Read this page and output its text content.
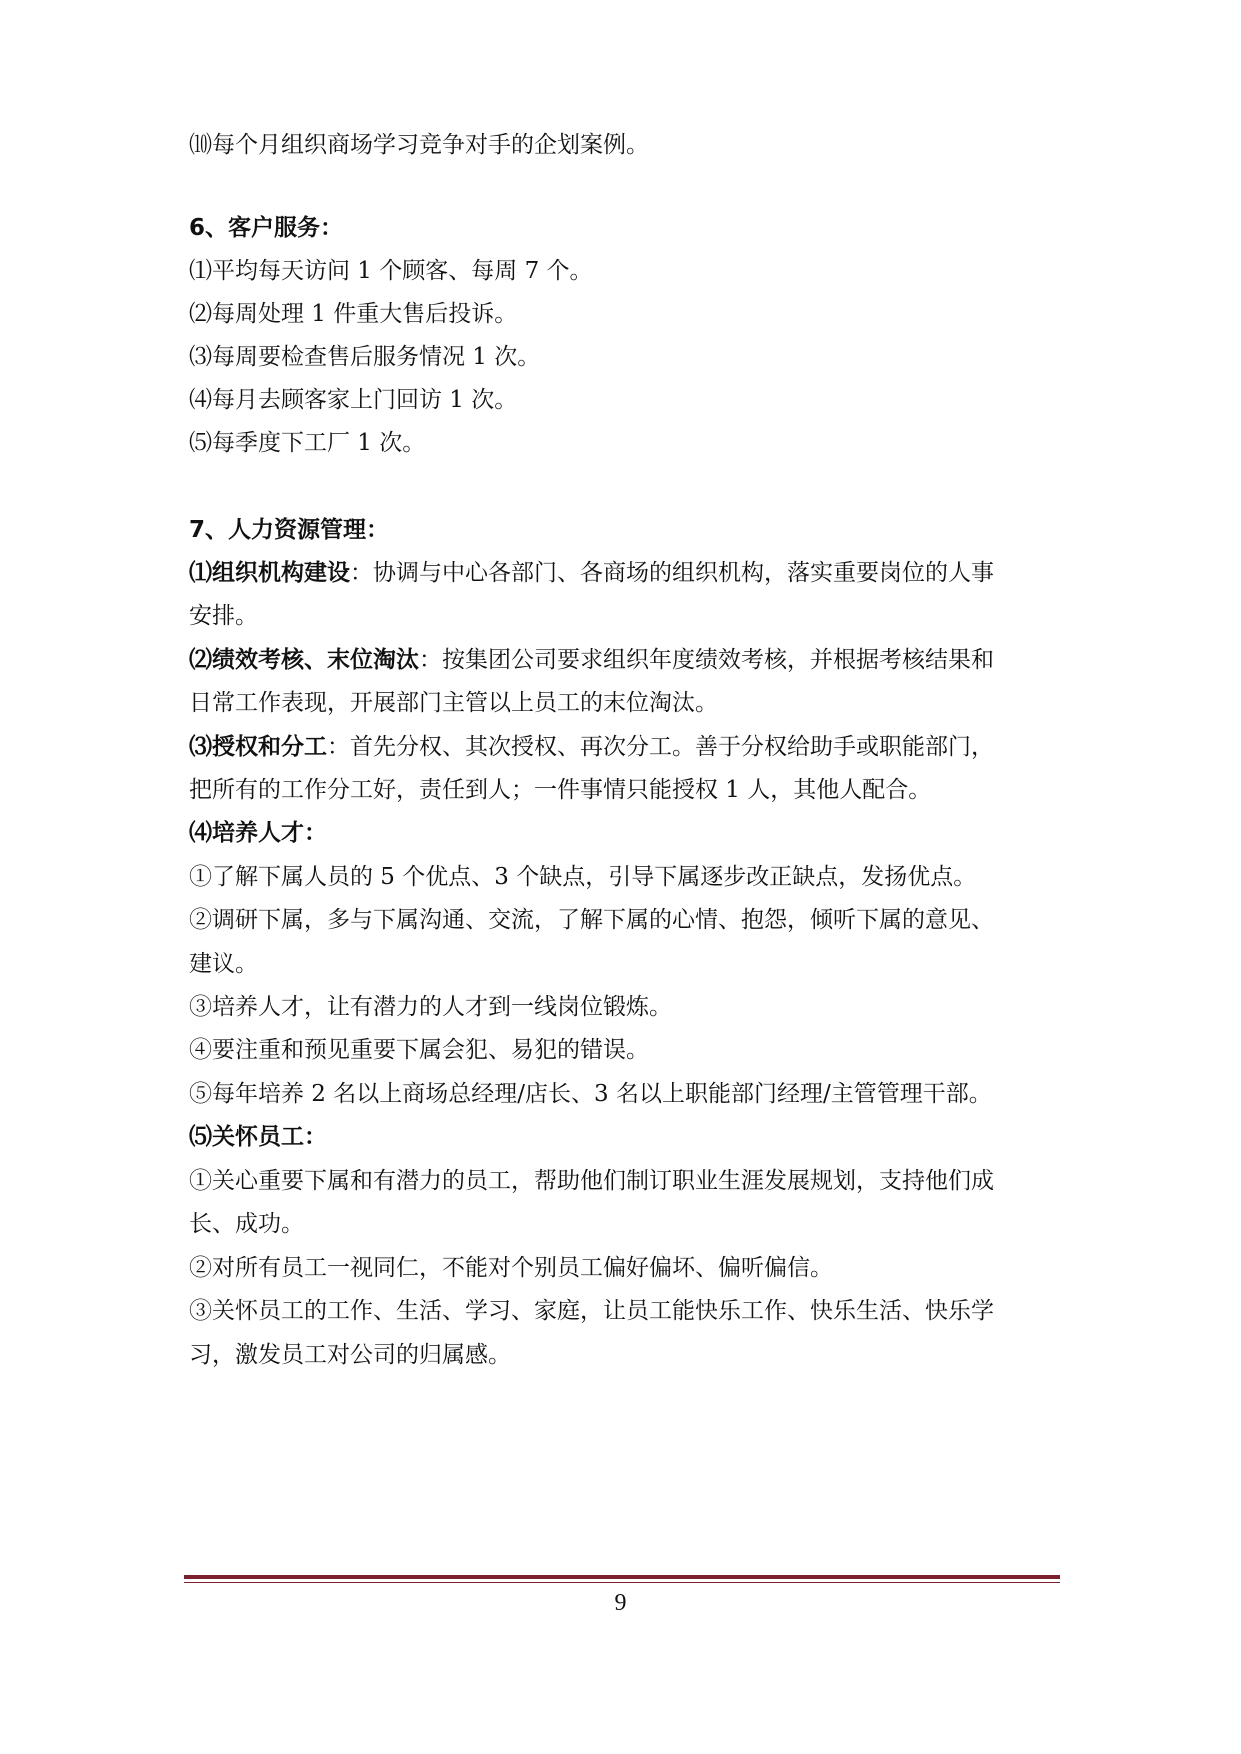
⑽每个月组织商场学习竞争对手的企划案例。
6、客户服务：
⑴平均每天访问 1 个顾客、每周 7 个。
⑵每周处理 1 件重大售后投诉。
⑶每周要检查售后服务情况 1 次。
⑷每月去顾客家上门回访 1 次。
⑸每季度下工厂 1 次。
7、人力资源管理：
⑴组织机构建设：协调与中心各部门、各商场的组织机构，落实重要岗位的人事
安排。
⑵绩效考核、末位淘汰：按集团公司要求组织年度绩效考核，并根据考核结果和
日常工作表现，开展部门主管以上员工的末位淘汰。
⑶授权和分工：首先分权、其次授权、再次分工。善于分权给助手或职能部门，
把所有的工作分工好，责任到人；一件事情只能授权 1 人，其他人配合。
⑷培养人才：
①了解下属人员的 5 个优点、3 个缺点，引导下属逐步改正缺点，发扬优点。
②调研下属，多与下属沟通、交流，了解下属的心情、抱怨，倾听下属的意见、
建议。
③培养人才，让有潜力的人才到一线岗位锻炼。
④要注重和预见重要下属会犯、易犯的错误。
⑤每年培养 2 名以上商场总经理/店长、3 名以上职能部门经理/主管管理干部。
⑸关怀员工：
①关心重要下属和有潜力的员工，帮助他们制订职业生涯发展规划，支持他们成
长、成功。
②对所有员工一视同仁，不能对个别员工偏好偏坏、偏听偏信。
③关怀员工的工作、生活、学习、家庭，让员工能快乐工作、快乐生活、快乐学
习，激发员工对公司的归属感。
9
